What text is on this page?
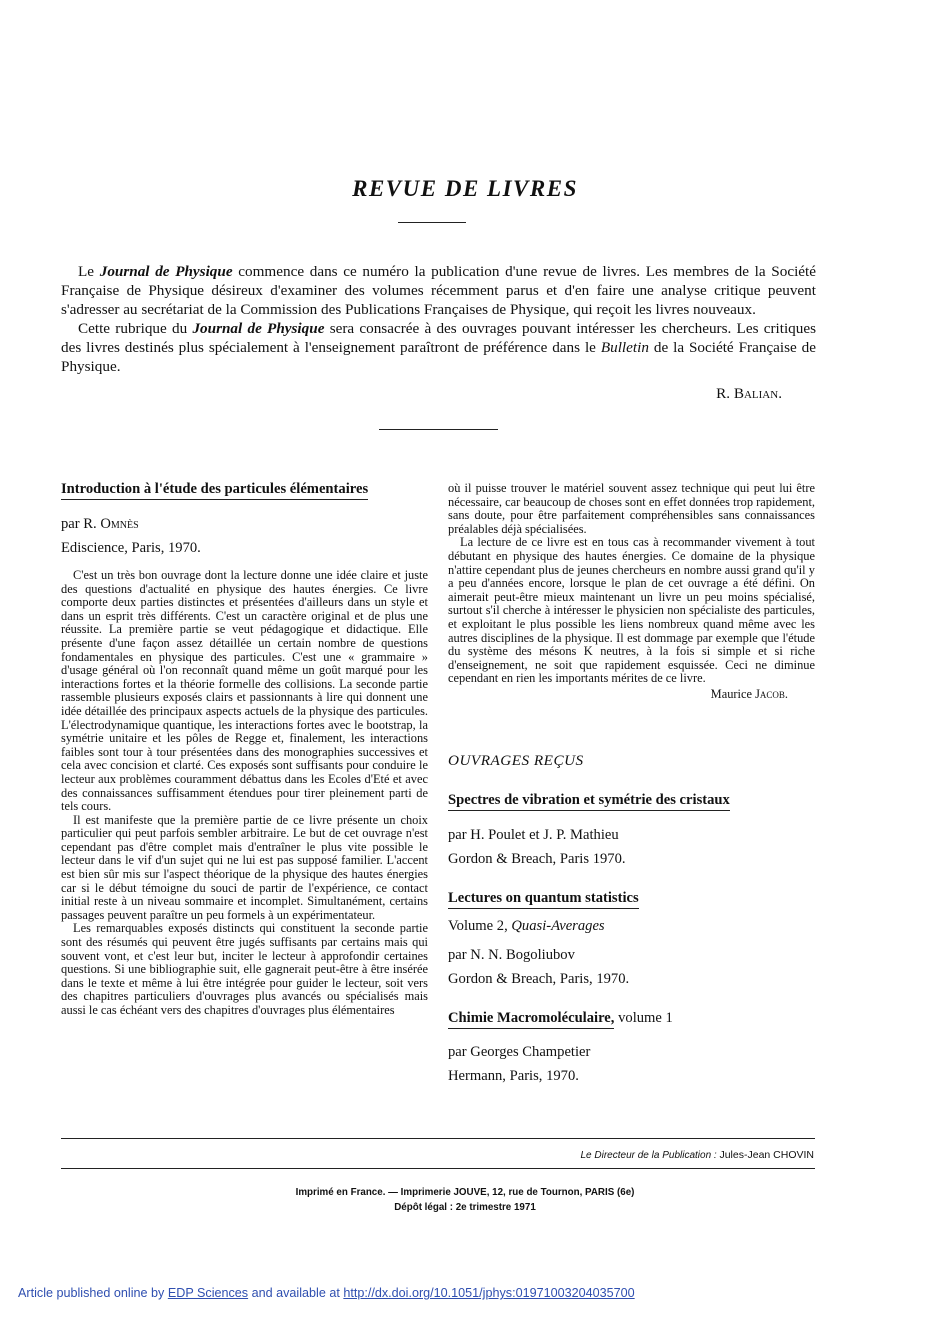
REVUE DE LIVRES

Le Journal de Physique commence dans ce numéro la publication d'une revue de livres. Les membres de la Société Française de Physique désireux d'examiner des volumes récemment parus et d'en faire une analyse critique peuvent s'adresser au secrétariat de la Commission des Publications Françaises de Physique, qui reçoit les livres nouveaux.

Cette rubrique du Journal de Physique sera consacrée à des ouvrages pouvant intéresser les chercheurs. Les critiques des livres destinés plus spécialement à l'enseignement paraîtront de préférence dans le Bulletin de la Société Française de Physique.

R. Balian.
Introduction à l'étude des particules élémentaires
par R. Omnès
Ediscience, Paris, 1970.

C'est un très bon ouvrage dont la lecture donne une idée claire et juste des questions d'actualité en physique des hautes énergies. Ce livre comporte deux parties distinctes et présentées d'ailleurs dans un style et dans un esprit très différents. C'est un caractère original et de plus une réussite. La première partie se veut pédagogique et didactique. Elle présente d'une façon assez détaillée un certain nombre de questions fondamentales en physique des particules. C'est une « grammaire » d'usage général où l'on reconnaît quand même un goût marqué pour les interactions fortes et la théorie formelle des collisions. La seconde partie rassemble plusieurs exposés clairs et passionnants à lire qui donnent une idée détaillée des principaux aspects actuels de la physique des particules. L'électrodynamique quantique, les interactions fortes avec le bootstrap, la symétrie unitaire et les pôles de Regge et, finalement, les interactions faibles sont tour à tour présentées dans des monographies successives et cela avec concision et clarté. Ces exposés sont suffisants pour conduire le lecteur aux problèmes couramment débattus dans les Ecoles d'Eté et avec des connaissances suffisamment étendues pour tirer pleinement parti de tels cours.

Il est manifeste que la première partie de ce livre présente un choix particulier qui peut parfois sembler arbitraire. Le but de cet ouvrage n'est cependant pas d'être complet mais d'entraîner le plus vite possible le lecteur dans le vif d'un sujet qui ne lui est pas supposé familier. L'accent est bien sûr mis sur l'aspect théorique de la physique des hautes énergies car si le début témoigne du souci de partir de l'expérience, ce contact initial reste à un niveau sommaire et incomplet. Simultanément, certains passages peuvent paraître un peu formels à un expérimentateur.

Les remarquables exposés distincts qui constituent la seconde partie sont des résumés qui peuvent être jugés suffisants par certains mais qui souvent vont, et c'est leur but, inciter le lecteur à approfondir certaines questions. Si une bibliographie suit, elle gagnerait peut-être à être insérée dans le texte et même à lui être intégrée pour guider le lecteur, soit vers des chapitres particuliers d'ouvrages plus avancés ou spécialisés mais aussi le cas échéant vers des chapitres d'ouvrages plus élémentaires

où il puisse trouver le matériel souvent assez technique qui peut lui être nécessaire, car beaucoup de choses sont en effet données trop rapidement, sans doute, pour être parfaitement compréhensibles sans connaissances préalables déjà spécialisées.

La lecture de ce livre est en tous cas à recommander vivement à tout débutant en physique des hautes énergies. Ce domaine de la physique n'attire cependant plus de jeunes chercheurs en nombre aussi grand qu'il y a peu d'années encore, lorsque le plan de cet ouvrage a été défini. On aimerait peut-être mieux maintenant un livre un peu moins spécialisé, surtout s'il cherche à intéresser le physicien non spécialiste des particules, et exploitant le plus possible les liens nombreux quand même avec les autres disciplines de la physique. Il est dommage par exemple que l'étude du système des mésons K neutres, à la fois si simple et si riche d'enseignement, ne soit que rapidement esquissée. Ceci ne diminue cependant en rien les importants mérites de ce livre.

Maurice Jacob.
OUVRAGES REÇUS
Spectres de vibration et symétrie des cristaux
par H. Poulet et J. P. Mathieu
Gordon & Breach, Paris 1970.
Lectures on quantum statistics
Volume 2, Quasi-Averages
par N. N. Bogoliubov
Gordon & Breach, Paris, 1970.
Chimie Macromoléculaire, volume 1
par Georges Champetier
Hermann, Paris, 1970.
Le Directeur de la Publication : Jules-Jean CHOVIN
Imprimé en France. — Imprimerie JOUVE, 12, rue de Tournon, PARIS (6e)
Dépôt légal : 2e trimestre 1971
Article published online by EDP Sciences and available at http://dx.doi.org/10.1051/jphys:01971003204035700
